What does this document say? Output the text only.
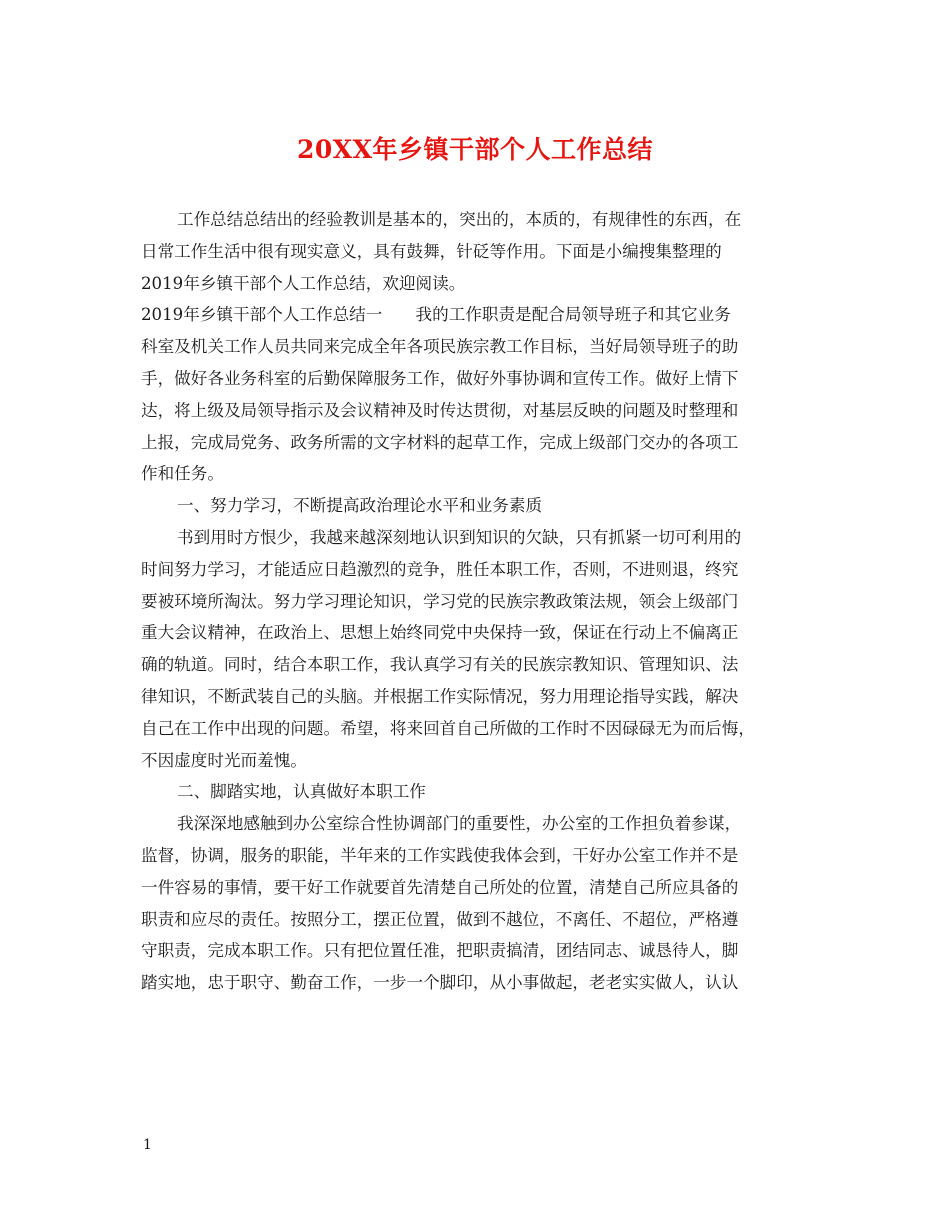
20XX年乡镇干部个人工作总结
工作总结总结出的经验教训是基本的，突出的，本质的，有规律性的东西，在
日常工作生活中很有现实意义，具有鼓舞，针砭等作用。下面是小编搜集整理的
2019年乡镇干部个人工作总结，欢迎阅读。
2019年乡镇干部个人工作总结一　　我的工作职责是配合局领导班子和其它业务
科室及机关工作人员共同来完成全年各项民族宗教工作目标，当好局领导班子的助
手，做好各业务科室的后勤保障服务工作，做好外事协调和宣传工作。做好上情下
达，将上级及局领导指示及会议精神及时传达贯彻，对基层反映的问题及时整理和
上报，完成局党务、政务所需的文字材料的起草工作，完成上级部门交办的各项工
作和任务。
一、努力学习，不断提高政治理论水平和业务素质
书到用时方恨少，我越来越深刻地认识到知识的欠缺，只有抓紧一切可利用的
时间努力学习，才能适应日趋激烈的竞争，胜任本职工作，否则，不进则退，终究
要被环境所淘汰。努力学习理论知识，学习党的民族宗教政策法规，领会上级部门
重大会议精神，在政治上、思想上始终同党中央保持一致，保证在行动上不偏离正
确的轨道。同时，结合本职工作，我认真学习有关的民族宗教知识、管理知识、法
律知识，不断武装自己的头脑。并根据工作实际情况，努力用理论指导实践，解决
自己在工作中出现的问题。希望，将来回首自己所做的工作时不因碌碌无为而后悔，
不因虚度时光而羞愧。
二、脚踏实地，认真做好本职工作
我深深地感触到办公室综合性协调部门的重要性，办公室的工作担负着参谋，
监督，协调，服务的职能，半年来的工作实践使我体会到，干好办公室工作并不是
一件容易的事情，要干好工作就要首先清楚自己所处的位置，清楚自己所应具备的
职责和应尽的责任。按照分工，摆正位置，做到不越位，不离任、不超位，严格遵
守职责，完成本职工作。只有把位置任准，把职责搞清，团结同志、诚恳待人，脚
踏实地，忠于职守、勤奋工作，一步一个脚印，从小事做起，老老实实做人，认认
1
